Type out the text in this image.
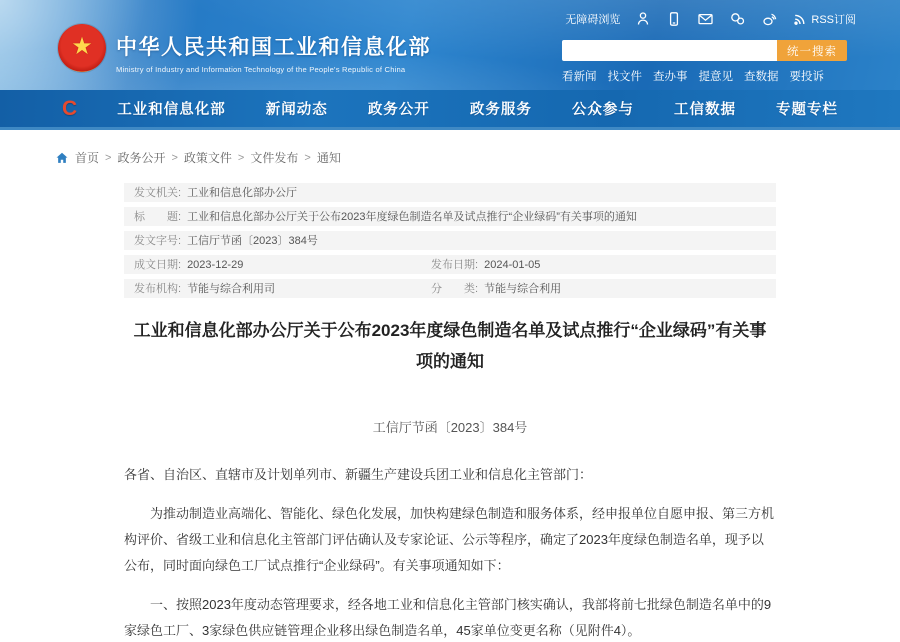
★ 中华人民共和国工业和信息化部
Ministry of Industry and Information Technology of the People's Republic of China
无障碍浏览	RSS订阅
统一搜索
看新闻 找文件 查办事 提意见 查数据 要投诉
C	工业和信息化部	新闻动态	政务公开	政务服务	公众参与	工信数据	专题专栏
首页 > 政务公开 > 政策文件 > 文件发布 > 通知
发文机关: 工业和信息化部办公厅
标　　题: 工业和信息化部办公厅关于公布2023年度绿色制造名单及试点推行“企业绿码”有关事项的通知
发文字号: 工信厅节函〔2023〕384号
成文日期: 2023-12-29	发布日期: 2024-01-05
发布机构: 节能与综合利用司	分　　类: 节能与综合利用
工业和信息化部办公厅关于公布2023年度绿色制造名单及试点推行“企业绿码”有关事项的通知
工信厅节函〔2023〕384号

各省、自治区、直辖市及计划单列市、新疆生产建设兵团工业和信息化主管部门：

为推动制造业高端化、智能化、绿色化发展，加快构建绿色制造和服务体系，经申报单位自愿申报、第三方机构评价、省级工业和信息化主管部门评估确认及专家论证、公示等程序，确定了2023年度绿色制造名单，现予以公布，同时面向绿色工厂试点推行“企业绿码”。有关事项通知如下：

一、按照2023年度动态管理要求，经各地工业和信息化主管部门核实确认，我部将前七批绿色制造名单中的9家绿色工厂、3家绿色供应链管理企业移出绿色制造名单，45家单位变更名称（见附件4）。
